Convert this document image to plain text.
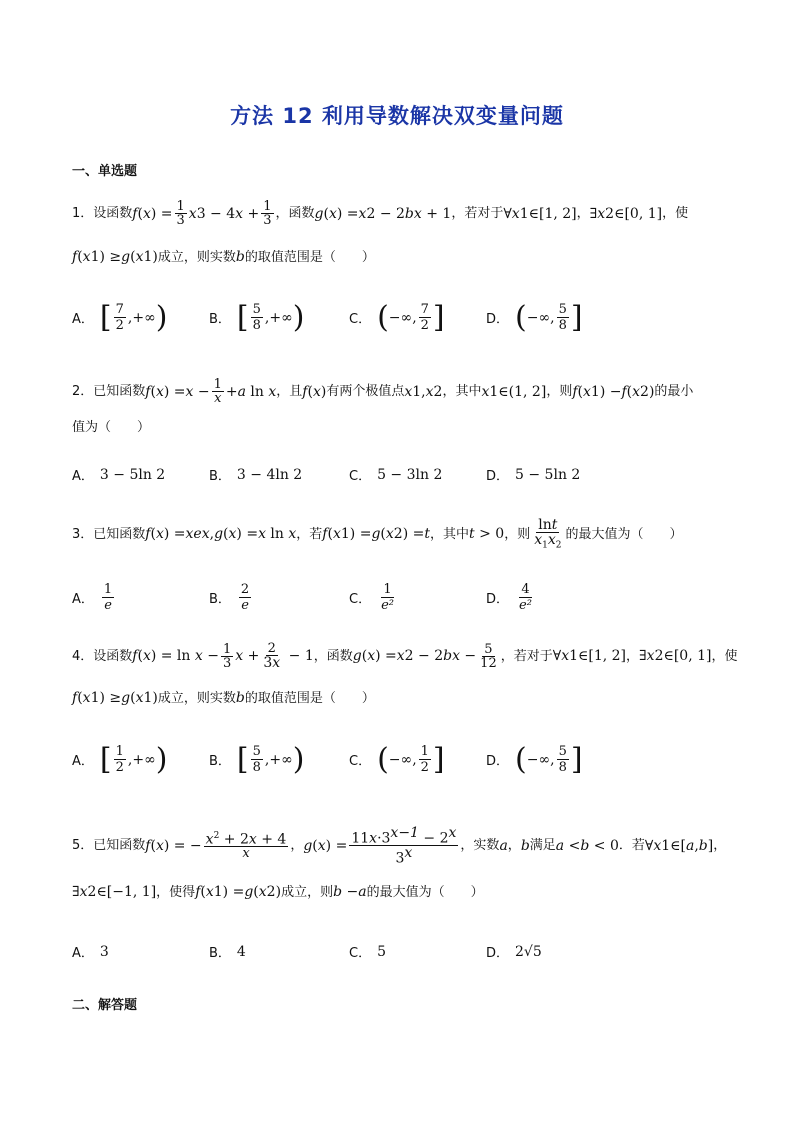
方法 12 利用导数解决双变量问题
一、单选题
1．设函数 f ( x ) = $\frac{1}{3}$ x 3 − 4 $x + \frac{1}{3}$ ，函数 g ( x ) = x 2 − 2 bx + 1 ，若对于 ∀ x 1 ∈[1, 2] ， ∃ x 2 ∈[0, 1] ，使
f ( x 1 ) ≥ g ( x 1 ) 成立，则实数 b 的取值范围是（　　）
A． [ $\frac{7}{2}$ ,+∞ )	B． [ $\frac{5}{8}$ ,+∞ )	C． ( −∞, $\frac{7}{2}$ ]	D． ( −∞, $\frac{5}{8}$ ]
2．已知函数 f ( x ) = $x - \frac{1}{x} + a$ ln x ，且 f ( x ) 有两个极值点 x 1 , x 2 ，其中 x 1 ∈(1, 2] ，则 f ( x 1 ) − f ( x 2 ) 的最小
值为（　　）
A． 3 − 5ln 2	B． 3 − 4ln 2	C． 5 − 3ln 2	D． 5 − 5ln 2
3．已知函数 f ( x ) = x e x , g ( x ) = x ln x ，若 f ( x 1 ) = g ( x 2 ) = t ，其中 t > 0 ，则 $\frac{\ln t}{x_1x_2}$ 的最大值为（　　）
A． $\frac{1}{e}$	B． $\frac{2}{e}$	C． $\frac{1}{\text{e²}}$	D． $\frac{4}{\text{e²}}$
4．设函数 f ( x ) = $\ln x - \frac{1}{3}$ $x + \frac{2}{3x} - 1$ ，函数 g ( x ) = x 2 − 2 bx − $\frac{5}{12}$ ，若对于 ∀ x 1 ∈[1, 2] ， ∃ x 2 ∈[0, 1] ，使
f ( x 1 ) ≥ g ( x 1 ) 成立，则实数 b 的取值范围是（　　）
A． [ $\frac{1}{2}$ ,+∞ )	B． [ $\frac{5}{8}$ ,+∞ )	C． ( −∞, $\frac{1}{2}$ ]	D． ( −∞, $\frac{5}{8}$ ]
5．已知函数 f ( x ) = − $\frac{x^2 + 2x + 4}{x}$ ， g ( x ) = $\frac{11x\cdot 3^{x-1} - 2^x}{3^x}$ ，实数 a ， b 满足 a < b < 0 ．若 ∀ x 1 ∈[ a , b ] ，
∃ x 2 ∈[−1, 1] ，使得 f ( x 1 ) = g ( x 2 ) 成立，则 b − a 的最大值为（　　）
A． 3	B． 4	C． 5	D． 2√5
二、解答题
